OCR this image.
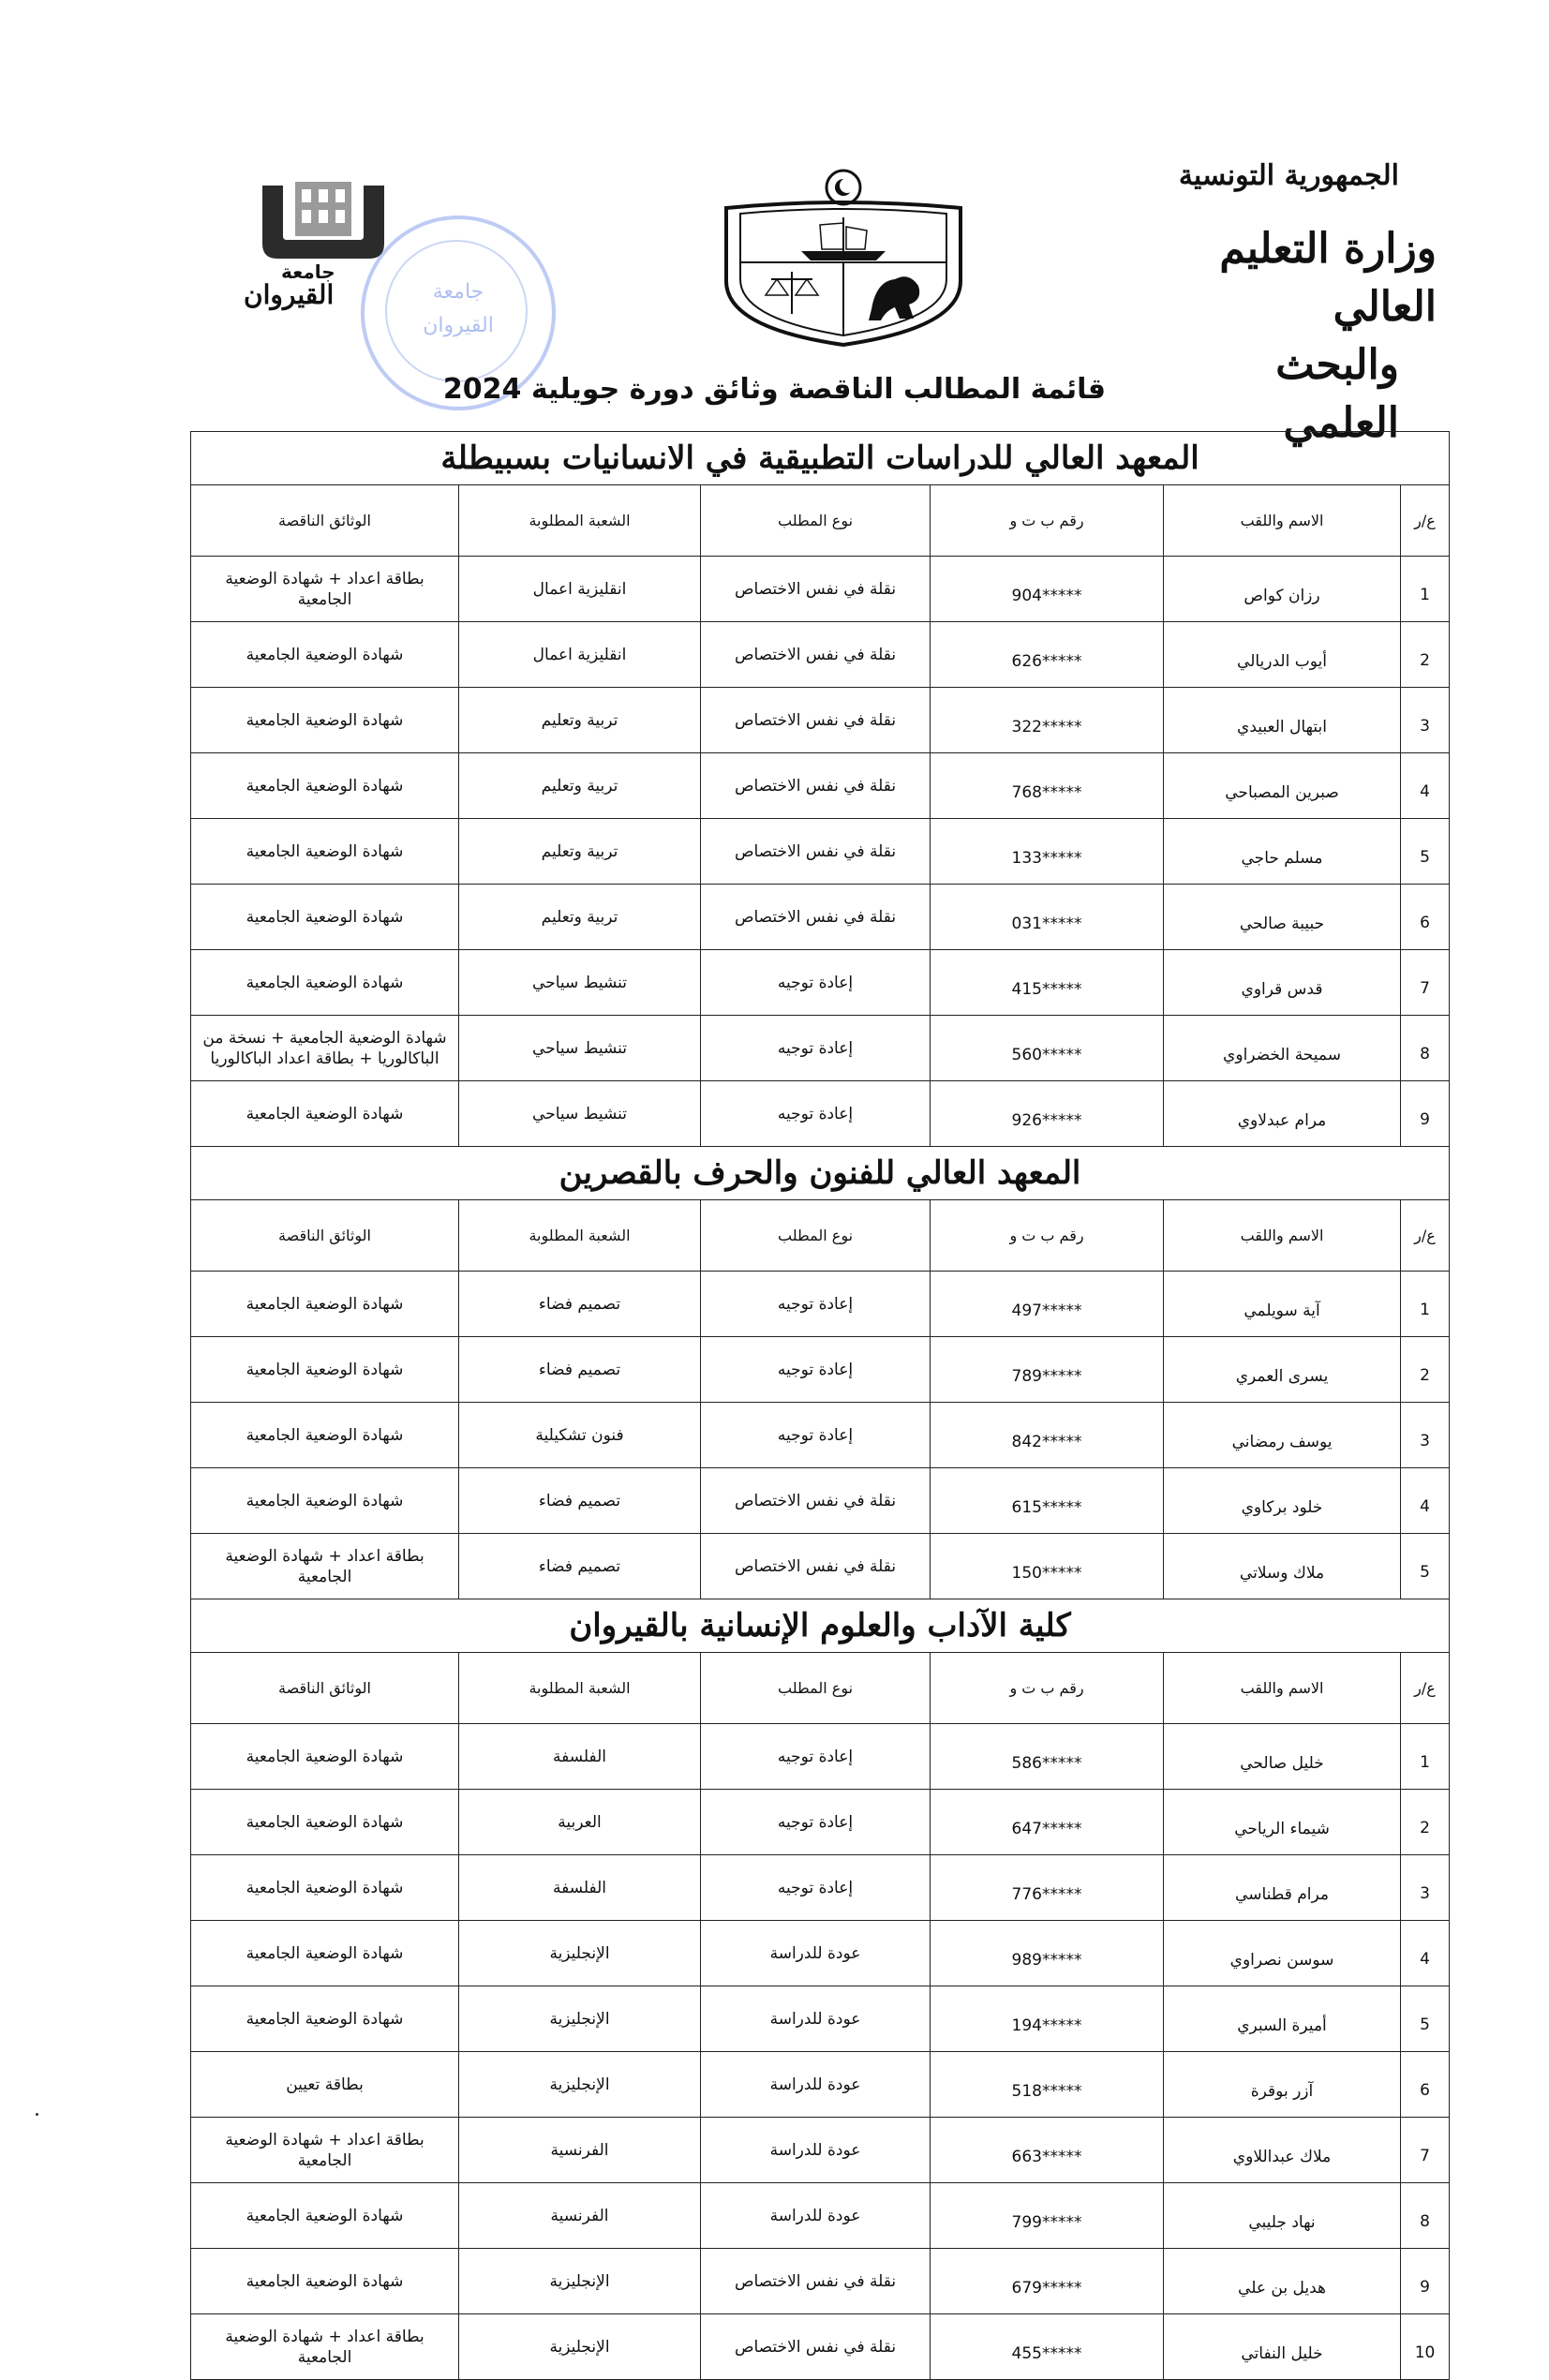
الجمهورية التونسية
وزارة التعليم العالي
والبحث العلمي
جامعة
القيروان	جامعة القيروان
قائمة المطالب الناقصة وثائق دورة جويلية 2024
المعهد العالي للدراسات التطبيقية في الانسانيات بسبيطلة					
ع/ر	الاسم واللقب	رقم ب ت و	نوع المطلب	الشعبة المطلوبة	الوثائق الناقصة
1	رزان كواص	904*****	نقلة في نفس الاختصاص	انقليزية اعمال	بطاقة اعداد + شهادة الوضعية الجامعية
2	أيوب الدريالي	626*****	نقلة في نفس الاختصاص	انقليزية اعمال	شهادة الوضعية الجامعية
3	ابتهال العبيدي	322*****	نقلة في نفس الاختصاص	تربية وتعليم	شهادة الوضعية الجامعية
4	صبرين المصباحي	768*****	نقلة في نفس الاختصاص	تربية وتعليم	شهادة الوضعية الجامعية
5	مسلم حاجي	133*****	نقلة في نفس الاختصاص	تربية وتعليم	شهادة الوضعية الجامعية
6	حبيبة صالحي	031*****	نقلة في نفس الاختصاص	تربية وتعليم	شهادة الوضعية الجامعية
7	قدس قراوي	415*****	إعادة توجيه	تنشيط سياحي	شهادة الوضعية الجامعية
8	سميحة الخضراوي	560*****	إعادة توجيه	تنشيط سياحي	شهادة الوضعية الجامعية + نسخة من الباكالوريا + بطاقة اعداد الباكالوريا
9	مرام عبدلاوي	926*****	إعادة توجيه	تنشيط سياحي	شهادة الوضعية الجامعية
المعهد العالي للفنون والحرف بالقصرين					
ع/ر	الاسم واللقب	رقم ب ت و	نوع المطلب	الشعبة المطلوبة	الوثائق الناقصة
1	آية سويلمي	497*****	إعادة توجيه	تصميم فضاء	شهادة الوضعية الجامعية
2	يسرى العمري	789*****	إعادة توجيه	تصميم فضاء	شهادة الوضعية الجامعية
3	يوسف رمضاني	842*****	إعادة توجيه	فنون تشكيلية	شهادة الوضعية الجامعية
4	خلود بركاوي	615*****	نقلة في نفس الاختصاص	تصميم فضاء	شهادة الوضعية الجامعية
5	ملاك وسلاتي	150*****	نقلة في نفس الاختصاص	تصميم فضاء	بطاقة اعداد + شهادة الوضعية الجامعية
كلية الآداب والعلوم الإنسانية بالقيروان					
ع/ر	الاسم واللقب	رقم ب ت و	نوع المطلب	الشعبة المطلوبة	الوثائق الناقصة
1	خليل صالحي	586*****	إعادة توجيه	الفلسفة	شهادة الوضعية الجامعية
2	شيماء الرياحي	647*****	إعادة توجيه	العربية	شهادة الوضعية الجامعية
3	مرام قطناسي	776*****	إعادة توجيه	الفلسفة	شهادة الوضعية الجامعية
4	سوسن نصراوي	989*****	عودة للدراسة	الإنجليزية	شهادة الوضعية الجامعية
5	أميرة السبري	194*****	عودة للدراسة	الإنجليزية	شهادة الوضعية الجامعية
6	آزر بوقرة	518*****	عودة للدراسة	الإنجليزية	بطاقة تعيين
7	ملاك عبداللاوي	663*****	عودة للدراسة	الفرنسية	بطاقة اعداد + شهادة الوضعية الجامعية
8	نهاد جليبي	799*****	عودة للدراسة	الفرنسية	شهادة الوضعية الجامعية
9	هديل بن علي	679*****	نقلة في نفس الاختصاص	الإنجليزية	شهادة الوضعية الجامعية
10	خليل النفاتي	455*****	نقلة في نفس الاختصاص	الإنجليزية	بطاقة اعداد + شهادة الوضعية الجامعية
